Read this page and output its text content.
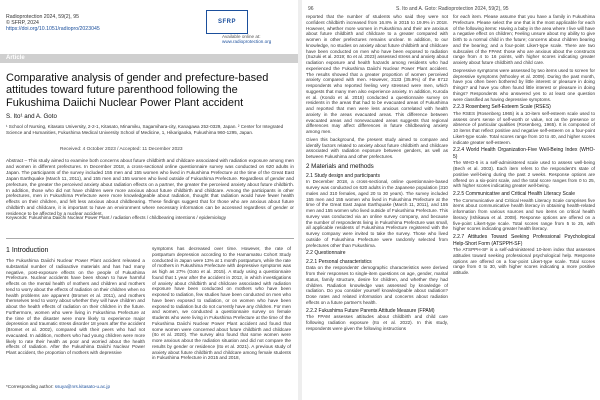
Radioprotection 2024, 59(2), 95
© SFRP, 2024
https://doi.org/10.1051/radiopro/2023045
SFRP
Available online at:
www.radioprotection.org
Article
Comparative analysis of gender and prefecture-based attitudes toward future parenthood following the Fukushima Daiichi Nuclear Power Plant accident
S. Ito¹ and A. Goto
¹ School of Nursing, Kitasato University, 2-2-1, Kitasato, Minamiku, Sagamihara-city, Kanagawa 252-0329, Japan. ² Center for Integrated Science and Humanities, Fukushima Medical University School of Medicine, 1, Hikarigaoka, Fukushima 960-1295, Japan.
Received: 4 October 2023 / Accepted: 11 December 2023
Abstract – This study aimed to examine both concerns about future childbirth and childcare associated with radiation exposure among men and women in different prefectures. In December 2018, a cross-sectional online questionnaire survey was conducted on 620 adults in Japan. The participants of the survey included 155 men and 155 women who lived in Fukushima Prefecture at the time of the Great East Japan Earthquake (March 11, 2011), and 155 men and 155 women who lived outside of Fukushima Prefecture. Regardless of gender and prefecture, the greater the perceived anxiety about radiation effects on a partner, the greater the perceived anxiety about future childbirth. In addition, those who did not have children were more anxious about future childbirth and childcare. Among the participants in other prefectures, men in Fukushima Prefecture were more knowledgeable about radiation, thought that radiation would have fewer health effects on their children, and felt less anxious about childbearing. These findings suggest that for those who are anxious about future childbirth and childcare, it is important to have an environment where necessary information can be accessed regardless of gender or residence to be affected by a nuclear accident.
Keywords: Fukushima Daiichi Nuclear Power Plant / radiation effects / childbearing intentions / epidemiology
1 Introduction
The Fukushima Daiichi Nuclear Power Plant accident released a substantial number of radioactive materials and has had many negative, post-exposure effects on the people of Fukushima Prefecture. Nuclear accidents have been shown to have harmful effects on the mental health of mothers and children and mothers tend to worry about the effects of radiation on their children when no health problems are apparent (Bromet et al. 2011), and mothers themselves tend to worry about whether they will have children and about the health effects of radiation on their children in the future. Furthermore, women who were living in Fukushima Prefecture at the time of the disaster were more likely to experience major depression and traumatic stress disorder 18 years after the accident (Bromet et al. 2002), compared with their peers who had not evacuated. In addition, mothers who had young children were more likely to rate their health as poor and worried about the health effects of radiation. After the Fukushima Daiichi Nuclear Power Plant accident, the proportion of mothers with depressive
symptoms has decreased over time. However, the rate of postpartum depression according to the Hamamatsu Cohort Study conducted in Japan were 13% at 1 month postpartum, while the rate of mothers in Fukushima Prefecture with depressive symptoms was as high as 27% (Goto et al. 2015). A study using a questionnaire found that 1 year after the accident in 2012, in which investigations of anxiety about childbirth and childcare associated with radiation exposure have been conducted on mothers who have been exposed to radiation, few studies have been conducted on men who have been exposed to radiation, or on women who have been exposed to radiation but do not currently have any children. For men and women, we conducted a questionnaire survey on female students who were living in Fukushima Prefecture at the time of the Fukushima Daiichi Nuclear Power Plant accident and found that some women were concerned about future childbirth and childcare (Ito et al. 2020). The survey also found that some women were more anxious about the radiation situation and did not compare the results by gender or residence (Ito et al. 2021). A previous study of anxiety about future childbirth and childcare among female students in Fukushima Prefecture in 2015 and 2018,
*Corresponding author: ssuya@nrs.kitasato-u.ac.jp
96	S. Ito and A. Goto: Radioprotection 2024, 59(2), 95

reported that the number of students who said they were not confident childbirth increased from 16.8% in 2015 to 19.9% in 2018. However, whether more women in Fukushima and their are anxious about future childbirth and childcare to a greater compared with women in other prefectures remains unclear. In addition, to our knowledge, no studies on anxiety about future childbirth and childcare have been conducted on men who have been exposed to radiation (Suzuki et al. 2019; Ito et al. 2023) assessed stress and anxiety about radiation exposure and health hazards among residents who had experienced the Fukushima Daiichi Nuclear Power Plant accident. The results showed that a greater proportion of women perceived anxiety compared with men. However, 3133 (35.9%) of the 8712 respondents who reported feeling very stressed were men, which suggests that many men also experience anxiety. In addition, Kuroda et al. (Kondo et al. 2018) conducted a questionnaire survey on residents in the areas that had to be evacuated areas of Fukushima and reported that men were less anxious correlated with health anxiety in the areas evacuated areas. This difference between evacuated areas and nonevacuated areas suggests that regional differences may affect differences in future childbearing anxiety among men.

Given this background, the present study aimed to compare and identify factors related to anxiety about future childbirth and childcare associated with radiation exposure between genders, as well as between Fukushima and other prefectures.

2 Materials and methods
2.1 Study design and participants

In December 2018, a cross-sectional, online questionnaire-based survey was conducted on 620 adults in the Japanese population (310 males and 310 females, aged 20 to 30 years). The survey included 155 men and 155 women who lived in Fukushima Prefecture at the time of the Great East Japan Earthquake (March 11, 2011), and 155 men and 155 women who lived outside of Fukushima Prefecture. This survey was conducted via an online survey company, and because the number of respondents living in Fukushima Prefecture was small, all applicable residents of Fukushima Prefecture registered with the survey company were invited to take the survey. Those who lived outside of Fukushima Prefecture were randomly selected from prefectures other than Fukushima.

2.2 Questionnaire
2.2.1 Personal characteristics

Data on the respondents' demographic characteristics were derived from their responses to single-item questions on age, gender, marital status, family structure, desire for children, and whether they had children. Radiation knowledge was assessed by knowledge of radiation. Do you consider yourself knowledgeable about radiation? Dose rates and related information and concerns about radiation effects on a future partner's health.

2.2.2 Fukushima Future Parents Attitude Measure (FPAM)

The FPAM assesses attitudes about childbirth and child care following radiation exposure (Ito et al. 2022). In this study, respondents were given the following instructions

for each item. Please assume that you have a family in Fukushima Prefecture. Please select the one that is the most applicable for each of the following items: Having a baby in the area where I live will have a negative effect on children; Feeling unsure about my ability to give birth to a normal child in the future; concerns about children bearing and the bearing; and a four-point Likert-type scale. There are two subscales of the FPAM: those who are anxious about the constructs range from 4 to 16 points, with higher scores indicating greater anxiety about future childbirth and child care.

Depressive symptoms were assessed by two items used to screen for depressive symptoms (Whooley et al. 2009). During the past month, have you often been bothered by little interest or pleasure in doing things? and have you often found little interest or pleasure in doing things? Respondents who answered yes to at least one question were classified as having depressive symptoms.

2.2.3 Rosenberg Self-Esteem Scale (RSES)

The RSES (Rosenberg 1965) is a 10-item self-esteem scale used to assess one's sense of self-worth or value, not as the presence or absence of particular qualities (Rosenberg, 1965). It is composed of 10 items that reflect positive and negative self-esteem on a four-point Likert-type scale. Total scores range from 10 to 40, and higher scores indicate greater self-esteem.

2.2.4 World Health Organization-Five Well-Being Index (WHO-5)

The WHO-5 is a self-administered scale used to assess well-being (Bech et al. 2003). Each item refers to the respondent's state of positive well-being during the past 2 weeks. Response options are offered on a six-point scale, and the total score ranges from 0 to 25, with higher scores indicating greater well-being.

2.2.5 Communicative and Critical Health Literacy Scale

The Communicative and Critical Health Literacy Scale comprises five items about communicative health literacy in obtaining health-related information from various sources and two items on critical health literacy (Ishikawa et al. 2008). Response options are offered on a five-point Likert-type scale. Total scores range from 5 to 25, with higher scores indicating greater health literacy.

2.2.7 Attitudes Toward Seeking Professional Psychological Help-Short Form (ATSPPH-SF)

The ATSPPH-SF is a self-administered 10-item index that assesses attitudes toward seeking professional psychological help. Response options are offered on a four-point Likert-type scale. Total scores range from 0 to 30, with higher scores indicating a more positive attitude.
